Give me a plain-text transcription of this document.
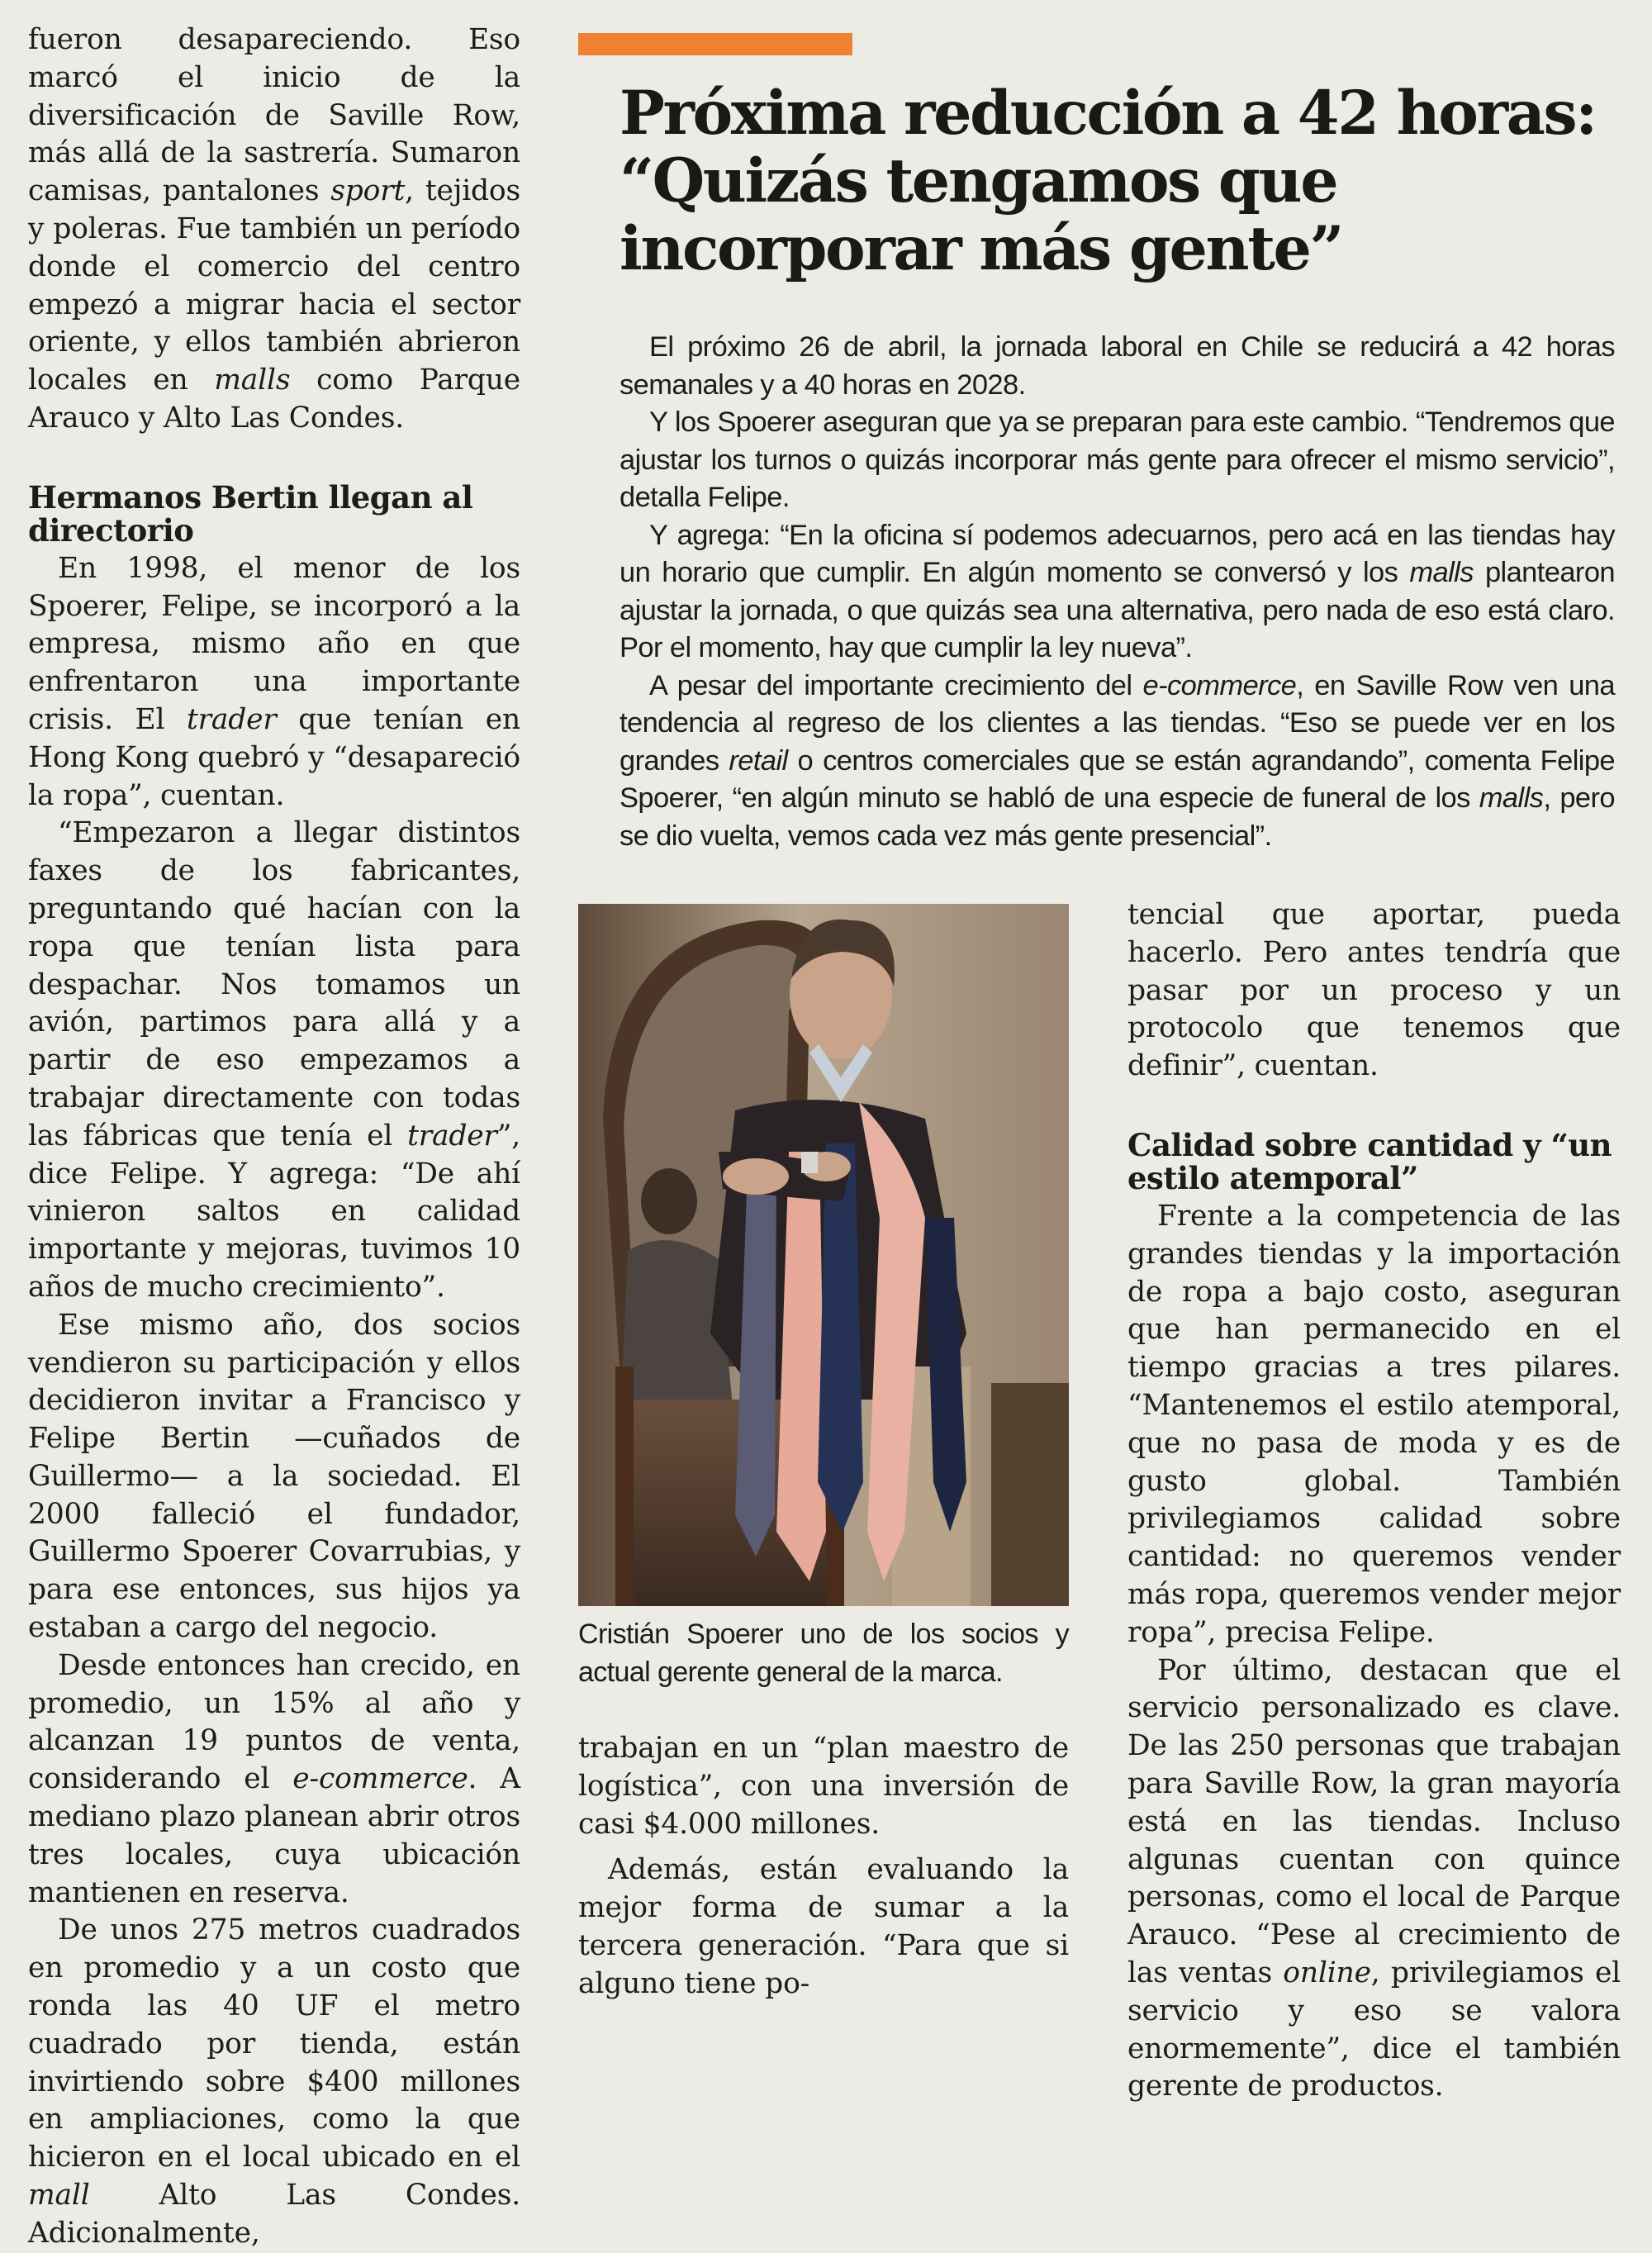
fueron desapareciendo. Eso marcó el inicio de la diversificación de Saville Row, más allá de la sastrería. Sumaron camisas, pantalones sport, tejidos y poleras. Fue también un período donde el comercio del centro empezó a migrar hacia el sector oriente, y ellos también abrieron locales en malls como Parque Arauco y Alto Las Condes.

Hermanos Bertin llegan al directorio

En 1998, el menor de los Spoerer, Felipe, se incorporó a la empresa, mismo año en que enfrentaron una importante crisis. El trader que tenían en Hong Kong quebró y “desapareció la ropa”, cuentan.

“Empezaron a llegar distintos faxes de los fabricantes, preguntando qué hacían con la ropa que tenían lista para despachar. Nos tomamos un avión, partimos para allá y a partir de eso empezamos a trabajar directamente con todas las fábricas que tenía el trader”, dice Felipe. Y agrega: “De ahí vinieron saltos en calidad importante y mejoras, tuvimos 10 años de mucho crecimiento”.

Ese mismo año, dos socios vendieron su participación y ellos decidieron invitar a Francisco y Felipe Bertin —cuñados de Guillermo— a la sociedad. El 2000 falleció el fundador, Guillermo Spoerer Covarrubias, y para ese entonces, sus hijos ya estaban a cargo del negocio.

Desde entonces han crecido, en promedio, un 15% al año y alcanzan 19 puntos de venta, considerando el e-commerce. A mediano plazo planean abrir otros tres locales, cuya ubicación mantienen en reserva.

De unos 275 metros cuadrados en promedio y a un costo que ronda las 40 UF el metro cuadrado por tienda, están invirtiendo sobre $400 millones en ampliaciones, como la que hicieron en el local ubicado en el mall Alto Las Condes. Adicionalmente,

Próxima reducción a 42 horas: “Quizás tengamos que incorporar más gente”

El próximo 26 de abril, la jornada laboral en Chile se reducirá a 42 horas semanales y a 40 horas en 2028.

Y los Spoerer aseguran que ya se preparan para este cambio. “Tendremos que ajustar los turnos o quizás incorporar más gente para ofrecer el mismo servicio”, detalla Felipe.

Y agrega: “En la oficina sí podemos adecuarnos, pero acá en las tiendas hay un horario que cumplir. En algún momento se conversó y los malls plantearon ajustar la jornada, o que quizás sea una alternativa, pero nada de eso está claro. Por el momento, hay que cumplir la ley nueva”.

A pesar del importante crecimiento del e-commerce, en Saville Row ven una tendencia al regreso de los clientes a las tiendas. “Eso se puede ver en los grandes retail o centros comerciales que se están agrandando”, comenta Felipe Spoerer, “en algún minuto se habló de una especie de funeral de los malls, pero se dio vuelta, vemos cada vez más gente presencial”.

Cristián Spoerer uno de los socios y actual gerente general de la marca.

trabajan en un “plan maestro de logística”, con una inversión de casi $4.000 millones.

Además, están evaluando la mejor forma de sumar a la tercera generación. “Para que si alguno tiene po-

tencial que aportar, pueda hacerlo. Pero antes tendría que pasar por un proceso y un protocolo que tenemos que definir”, cuentan.

Calidad sobre cantidad y “un estilo atemporal”

Frente a la competencia de las grandes tiendas y la importación de ropa a bajo costo, aseguran que han permanecido en el tiempo gracias a tres pilares. “Mantenemos el estilo atemporal, que no pasa de moda y es de gusto global. También privilegiamos calidad sobre cantidad: no queremos vender más ropa, queremos vender mejor ropa”, precisa Felipe.

Por último, destacan que el servicio personalizado es clave. De las 250 personas que trabajan para Saville Row, la gran mayoría está en las tiendas. Incluso algunas cuentan con quince personas, como el local de Parque Arauco. “Pese al crecimiento de las ventas online, privilegiamos el servicio y eso se valora enormemente”, dice el también gerente de productos.
